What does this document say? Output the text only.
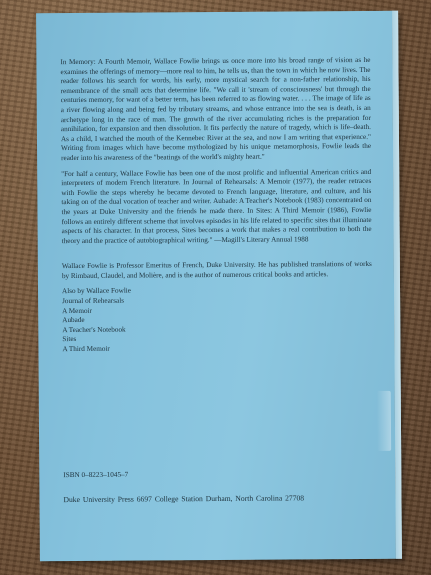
In Memory: A Fourth Memoir, Wallace Fowlie brings us once more into his broad range of vision as he examines the offerings of memory—more real to him, he tells us, than the town in which he now lives. The reader follows his search for words, his early, more mystical search for a non-father relationship, his remembrance of the small acts that determine life. "We call it 'stream of consciousness' but through the centuries memory, for want of a better term, has been referred to as flowing water. . . . The image of life as a river flowing along and being fed by tributary streams, and whose entrance into the sea is death, is an archetype long in the race of man. The growth of the river accumulating riches is the preparation for annihilation, for expansion and then dissolution. It fits perfectly the nature of tragedy, which is life–death. As a child, I watched the mouth of the Kennebec River at the sea, and now I am writing that experience." Writing from images which have become mythologized by his unique metamorphosis, Fowlie leads the reader into his awareness of the "beatings of the world's mighty heart."

"For half a century, Wallace Fowlie has been one of the most prolific and influential American critics and interpreters of modern French literature. In Journal of Rehearsals: A Memoir (1977), the reader retraces with Fowlie the steps whereby he became devoted to French language, literature, and culture, and his taking on of the dual vocation of teacher and writer. Aubade: A Teacher's Notebook (1983) concentrated on the years at Duke University and the friends he made there. In Sites: A Third Memoir (1986), Fowlie follows an entirely different scheme that involves episodes in his life related to specific sites that illuminate aspects of his character. In that process, Sites becomes a work that makes a real contribution to both the theory and the practice of autobiographical writing." —Magill's Literary Annual 1988

Wallace Fowlie is Professor Emeritus of French, Duke University. He has published translations of works by Rimbaud, Claudel, and Molière, and is the author of numerous critical books and articles.

Also by Wallace Fowlie
Journal of Rehearsals
A Memoir
Aubade
A Teacher's Notebook
Sites
A Third Memoir
ISBN 0–8223–1045–7
Duke University Press 6697 College Station Durham, North Carolina 27708
